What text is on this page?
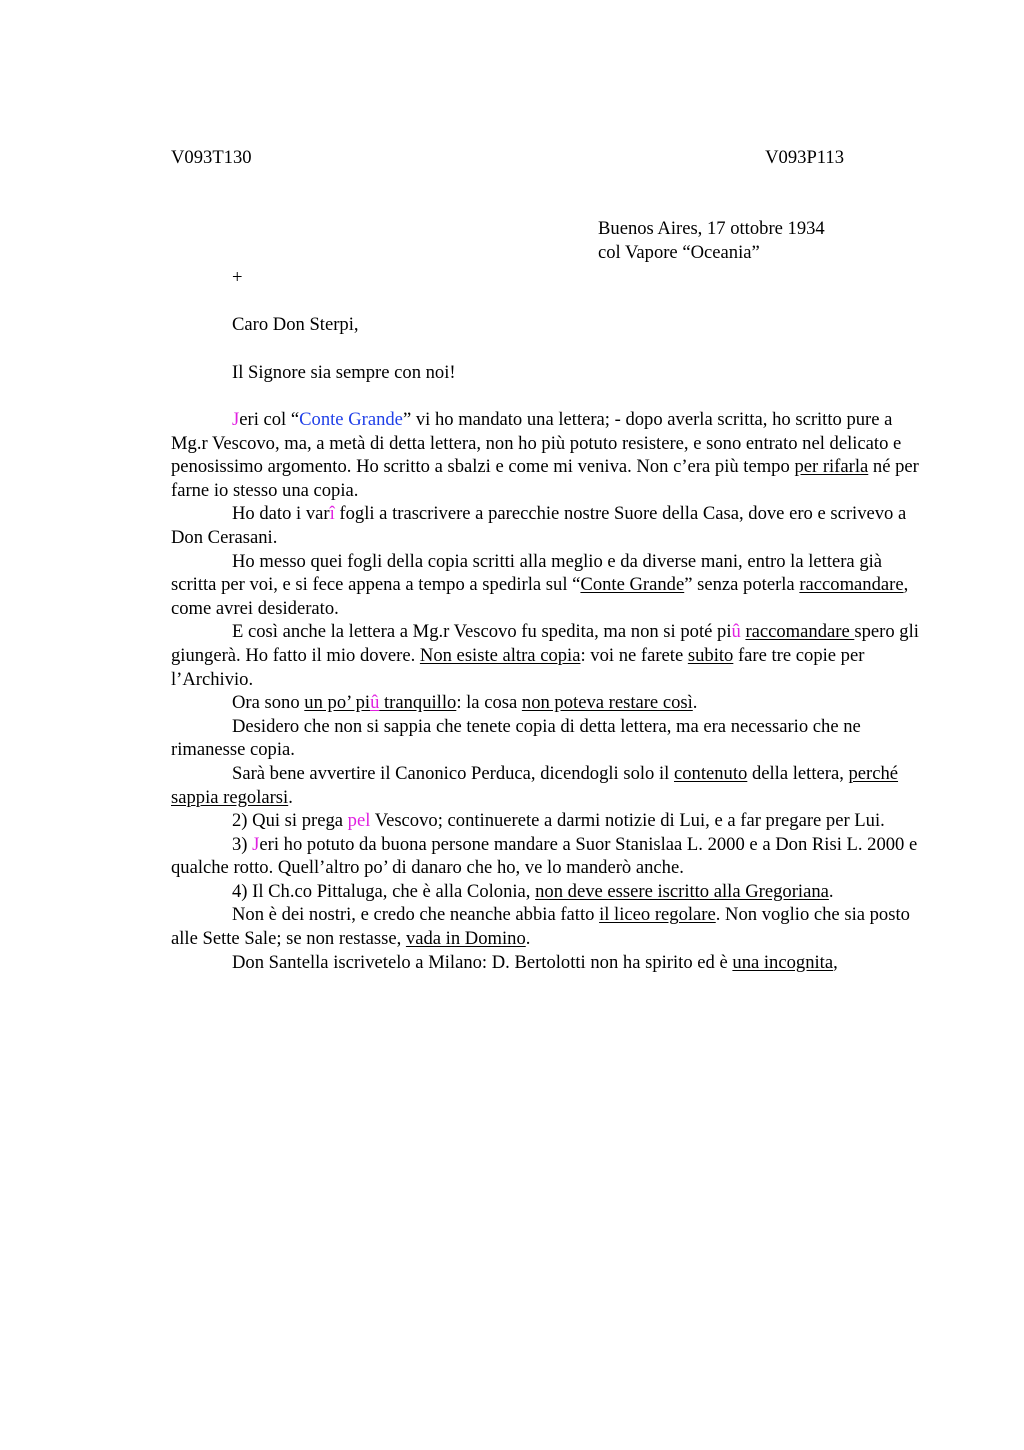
V093T130	V093P113
Buenos Aires, 17 ottobre 1934
col Vapore “Oceania”
+
Caro Don Sterpi,
Il Signore sia sempre con noi!

Jeri col “Conte Grande” vi ho mandato una lettera; - dopo averla scritta, ho scritto pure a Mg.r Vescovo, ma, a metà di detta lettera, non ho più potuto resistere, e sono entrato nel delicato e penosissimo argomento. Ho scritto a sbalzi e come mi veniva. Non c’era più tempo per rifarla né per farne io stesso una copia.

Ho dato i varî fogli a trascrivere a parecchie nostre Suore della Casa, dove ero e scrivevo a Don Cerasani.

Ho messo quei fogli della copia scritti alla meglio e da diverse mani, entro la lettera già scritta per voi, e si fece appena a tempo a spedirla sul “Conte Grande” senza poterla raccomandare, come avrei desiderato.

E così anche la lettera a Mg.r Vescovo fu spedita, ma non si poté piû raccomandare spero gli giungerà. Ho fatto il mio dovere. Non esiste altra copia: voi ne farete subito fare tre copie per l’Archivio.

Ora sono un po’ piû tranquillo: la cosa non poteva restare così.

Desidero che non si sappia che tenete copia di detta lettera, ma era necessario che ne rimanesse copia.

Sarà bene avvertire il Canonico Perduca, dicendogli solo il contenuto della lettera, perché sappia regolarsi.

2) Qui si prega pel Vescovo; continuerete a darmi notizie di Lui, e a far pregare per Lui.

3) Jeri ho potuto da buona persone mandare a Suor Stanislaa L. 2000 e a Don Risi L. 2000 e qualche rotto. Quell’altro po’ di danaro che ho, ve lo manderò anche.

4) Il Ch.co Pittaluga, che è alla Colonia, non deve essere iscritto alla Gregoriana.

Non è dei nostri, e credo che neanche abbia fatto il liceo regolare. Non voglio che sia posto alle Sette Sale; se non restasse, vada in Domino.

Don Santella iscrivetelo a Milano: D. Bertolotti non ha spirito ed è una incognita,
